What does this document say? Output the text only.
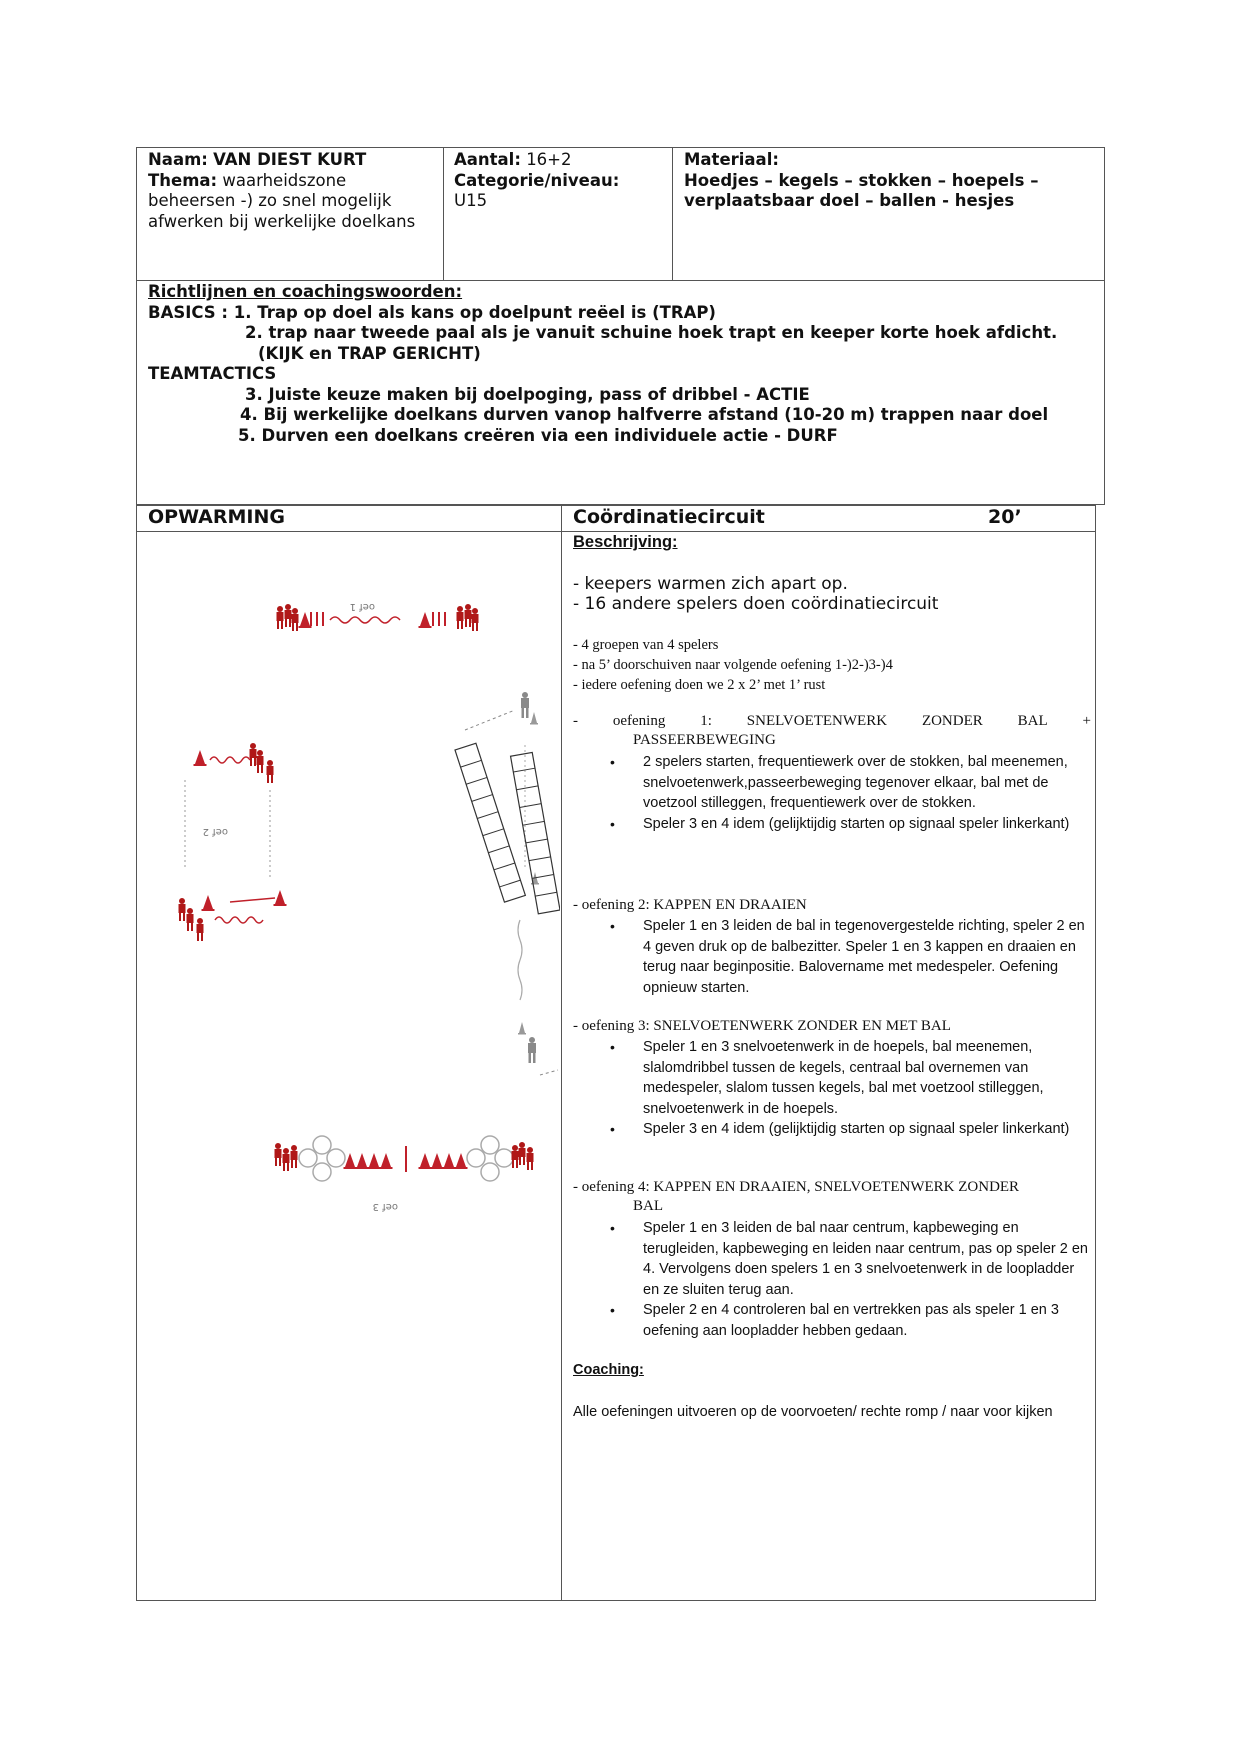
Naam: VAN DIEST KURT
Thema: waarheidszone
beheersen -) zo snel mogelijk
afwerken bij werkelijke doelkans
Aantal: 16+2
Categorie/niveau:
U15
Materiaal:
Hoedjes – kegels – stokken – hoepels –
verplaatsbaar doel – ballen - hesjes
Richtlijnen en coachingswoorden:
BASICS : 1. Trap op doel als kans op doelpunt reëel is (TRAP)
2. trap naar tweede paal als je vanuit schuine hoek trapt en keeper korte hoek afdicht.
(KIJK en TRAP GERICHT)
TEAMTACTICS
3. Juiste keuze maken bij doelpoging, pass of dribbel - ACTIE
4. Bij werkelijke doelkans durven vanop halfverre afstand (10-20 m) trappen naar doel
5. Durven een doelkans creëren via een individuele actie - DURF
OPWARMING	Coördinatiecircuit	20’
oef 1
oef 2
oef 3
Beschrijving:
- keepers warmen zich apart op.
- 16 andere spelers doen coördinatiecircuit
- 4 groepen van 4 spelers
- na 5’ doorschuiven naar volgende oefening 1-)2-)3-)4
- iedere oefening doen we 2 x 2’ met 1’ rust
- oefening 1: SNELVOETENWERK ZONDER BAL +
PASSEERBEWEGING
• 2 spelers starten, frequentiewerk over de stokken, bal meenemen, snelvoetenwerk,passeerbeweging tegenover elkaar, bal met de voetzool stilleggen, frequentiewerk over de stokken.
• Speler 3 en 4 idem (gelijktijdig starten op signaal speler linkerkant)
- oefening 2: KAPPEN EN DRAAIEN
• Speler 1 en 3 leiden de bal in tegenovergestelde richting, speler 2 en 4 geven druk op de balbezitter. Speler 1 en 3 kappen en draaien en terug naar beginpositie. Balovername met medespeler. Oefening opnieuw starten.
- oefening 3: SNELVOETENWERK ZONDER EN MET BAL
• Speler 1 en 3 snelvoetenwerk in de hoepels, bal meenemen, slalomdribbel tussen de kegels, centraal bal overnemen van medespeler, slalom tussen kegels, bal met voetzool stilleggen, snelvoetenwerk in de hoepels.
• Speler 3 en 4 idem (gelijktijdig starten op signaal speler linkerkant)
- oefening 4: KAPPEN EN DRAAIEN, SNELVOETENWERK ZONDER
BAL
• Speler 1 en 3 leiden de bal naar centrum, kapbeweging en terugleiden, kapbeweging en leiden naar centrum, pas op speler 2 en 4. Vervolgens doen spelers 1 en 3 snelvoetenwerk in de loopladder en ze sluiten terug aan.
• Speler 2 en 4 controleren bal en vertrekken pas als speler 1 en 3 oefening aan loopladder hebben gedaan.
Coaching:
Alle oefeningen uitvoeren op de voorvoeten/ rechte romp / naar voor kijken
